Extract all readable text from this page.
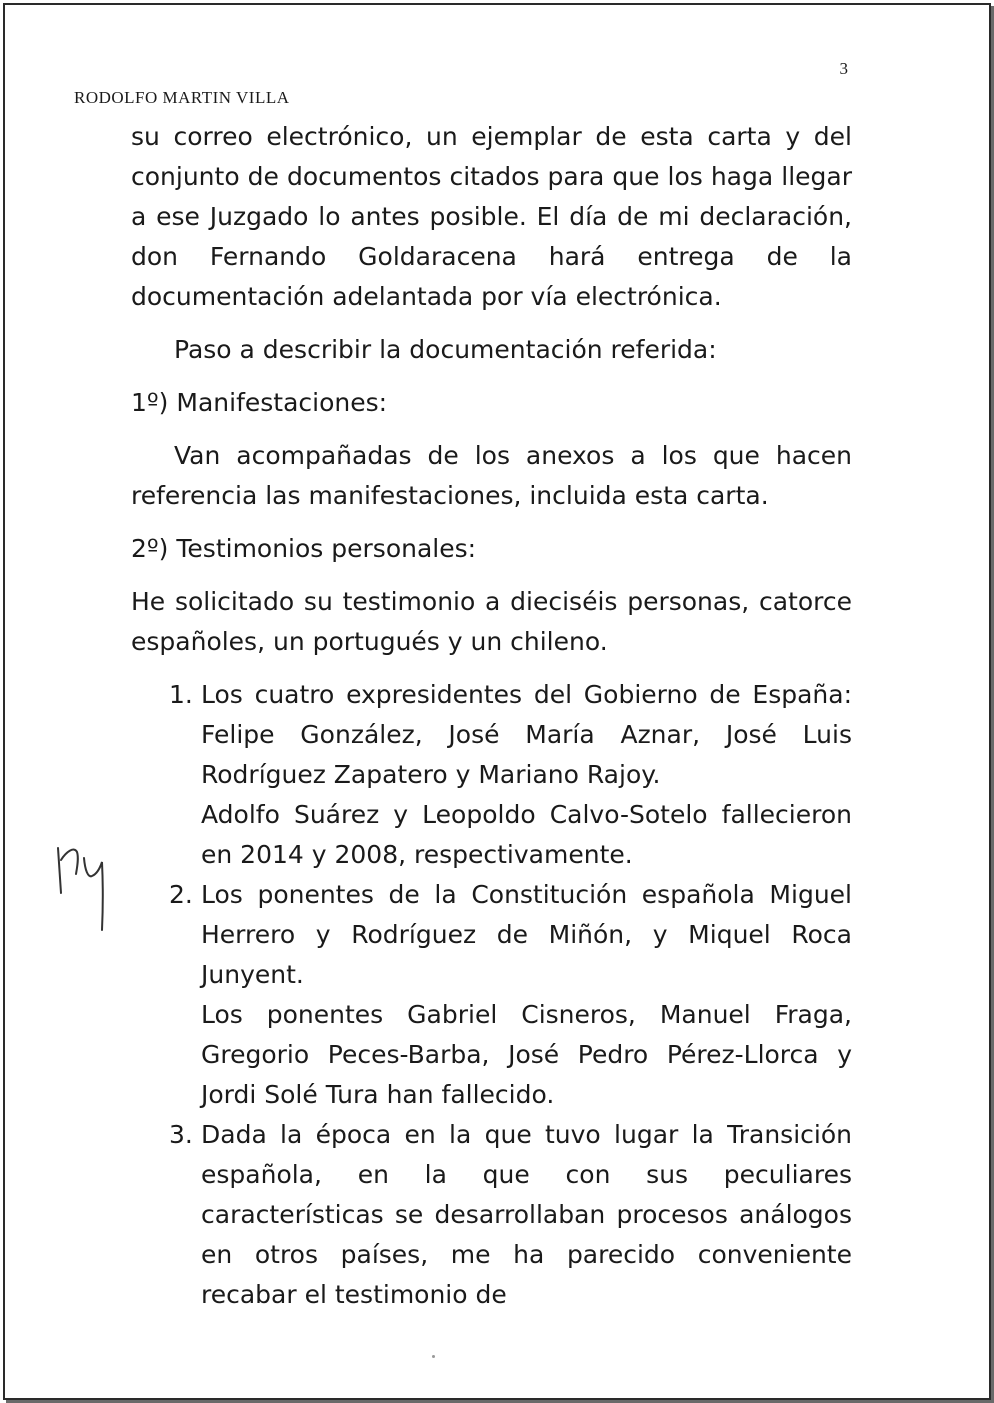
3
RODOLFO MARTIN VILLA

su correo electrónico, un ejemplar de esta carta y del conjunto de documentos citados para que los haga llegar a ese Juzgado lo antes posible. El día de mi declaración, don Fernando Goldaracena hará entrega de la documentación adelantada por vía electrónica.

Paso a describir la documentación referida:

1º) Manifestaciones:

Van acompañadas de los anexos a los que hacen referencia las manifestaciones, incluida esta carta.

2º) Testimonios personales:

He solicitado su testimonio a dieciséis personas, catorce españoles, un portugués y un chileno.

1. Los cuatro expresidentes del Gobierno de España: Felipe González, José María Aznar, José Luis Rodríguez Zapatero y Mariano Rajoy.

Adolfo Suárez y Leopoldo Calvo-Sotelo fallecieron en 2014 y 2008, respectivamente.

2. Los ponentes de la Constitución española Miguel Herrero y Rodríguez de Miñón, y Miquel Roca Junyent.

Los ponentes Gabriel Cisneros, Manuel Fraga, Gregorio Peces-Barba, José Pedro Pérez-Llorca y Jordi Solé Tura han fallecido.

3. Dada la época en la que tuvo lugar la Transición española, en la que con sus peculiares características se desarrollaban procesos análogos en otros países, me ha parecido conveniente recabar el testimonio de
